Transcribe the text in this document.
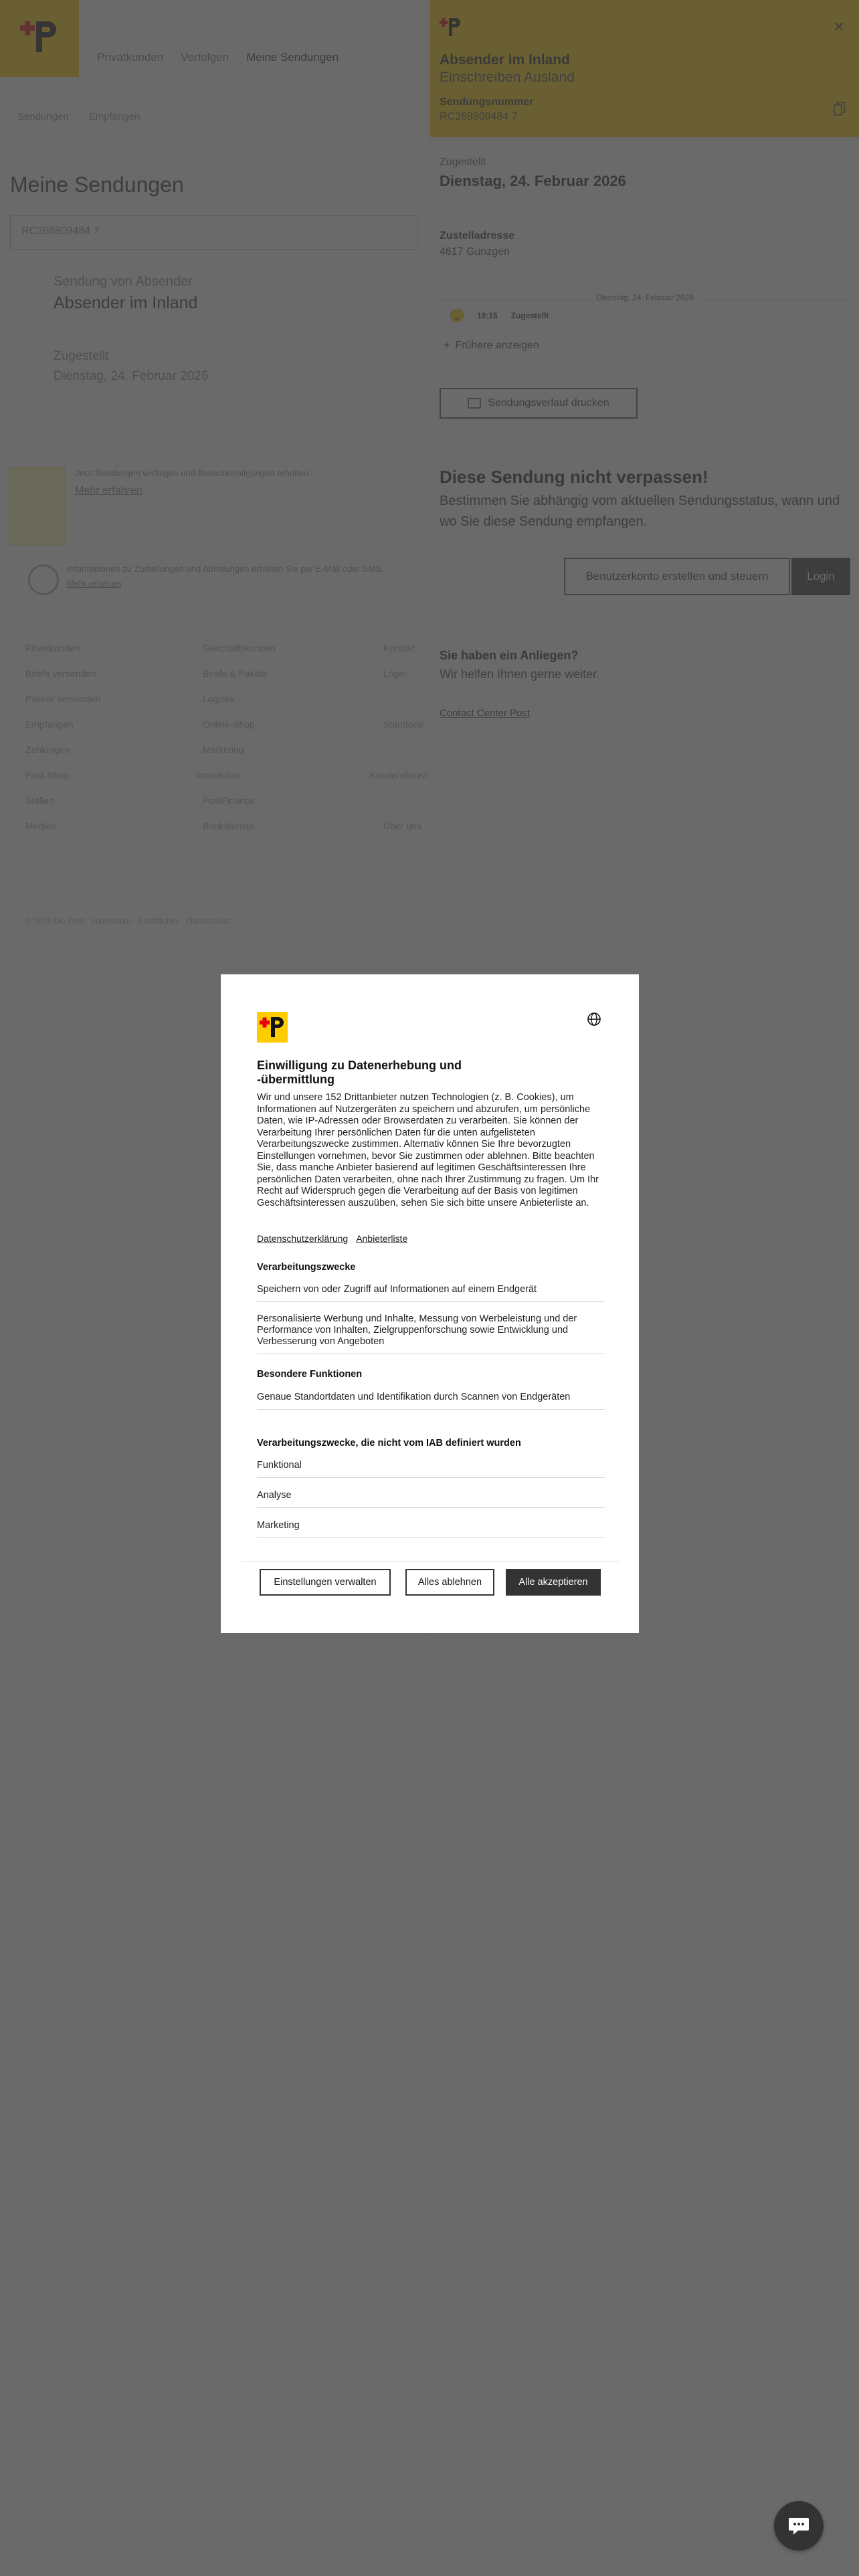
Einwilligung zu Datenerhebung und -übermittlung
Wir und unsere 152 Drittanbieter nutzen Technologien (z. B. Cookies), um Informationen auf Nutzergeräten zu speichern und abzurufen, um persönliche Daten, wie IP-Adressen oder Browserdaten zu verarbeiten. Sie können der Verarbeitung Ihrer persönlichen Daten für die unten aufgelisteten Verarbeitungszwecke zustimmen. Alternativ können Sie Ihre bevorzugten Einstellungen vornehmen, bevor Sie zustimmen oder ablehnen. Bitte beachten Sie, dass manche Anbieter basierend auf legitimen Geschäftsinteressen Ihre persönlichen Daten verarbeiten, ohne nach Ihrer Zustimmung zu fragen. Um Ihr Recht auf Widerspruch gegen die Verarbeitung auf der Basis von legitimen Geschäftsinteressen auszuüben, sehen Sie sich bitte unsere Anbieterliste an.
Datenschutzerklärung Anbieterliste
Verarbeitungszwecke
Speichern von oder Zugriff auf Informationen auf einem Endgerät
Personalisierte Werbung und Inhalte, Messung von Werbeleistung und der Performance von Inhalten, Zielgruppenforschung sowie Entwicklung und Verbesserung von Angeboten
Besondere Funktionen
Genaue Standortdaten und Identifikation durch Scannen von Endgeräten
Verarbeitungszwecke, die nicht vom IAB definiert wurden
Funktional
Analyse
Marketing
Einstellungen verwalten	Alles ablehnen	Alle akzeptieren
